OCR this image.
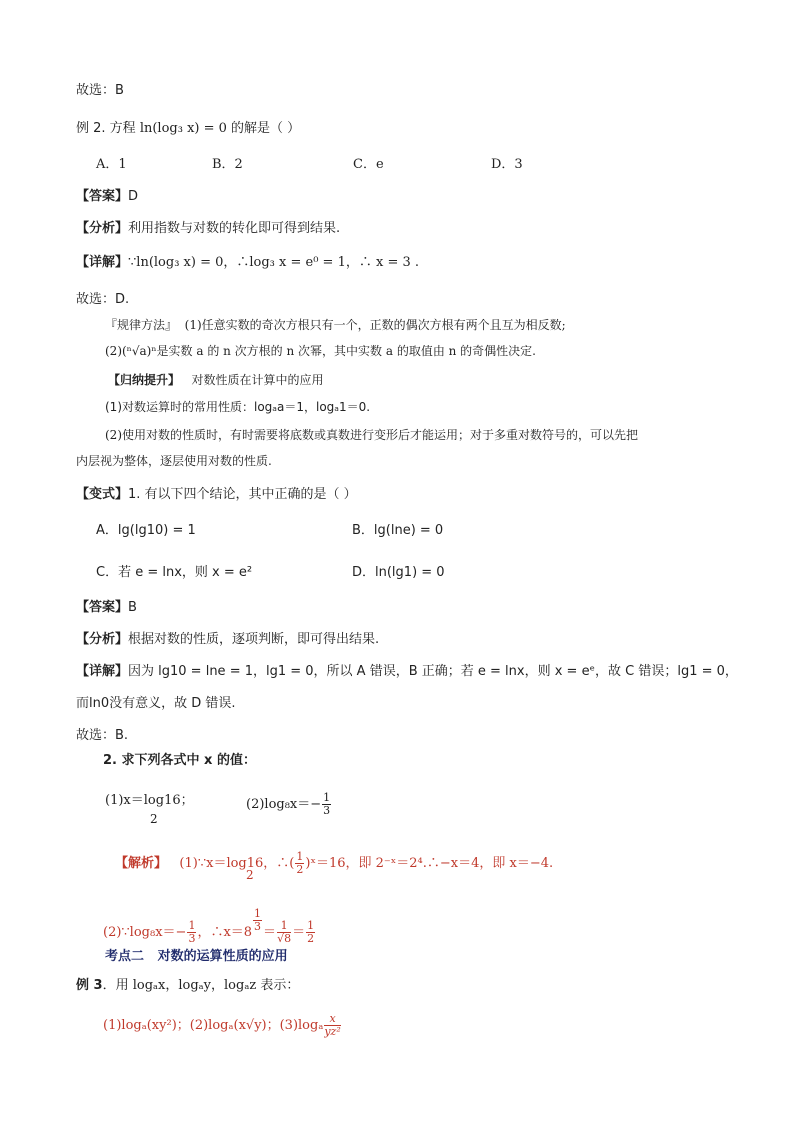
故选：B
例 2. 方程 ln(log₃ x) = 0 的解是（ ）
A．1	B．2	C．e	D．3
【答案】D
【分析】利用指数与对数的转化即可得到结果.
【详解】∵ln(log₃ x) = 0，∴log₃ x = e⁰ = 1，∴ x = 3 .
故选：D.
『规律方法』 (1)任意实数的奇次方根只有一个，正数的偶次方根有两个且互为相反数;
(2)(ⁿ√a)ⁿ是实数 a 的 n 次方根的 n 次幂，其中实数 a 的取值由 n 的奇偶性决定.
【归纳提升】 对数性质在计算中的应用
(1)对数运算时的常用性质：logₐa＝1，logₐ1＝0.
(2)使用对数的性质时，有时需要将底数或真数进行变形后才能运用；对于多重对数符号的，可以先把
内层视为整体，逐层使用对数的性质.
【变式】1. 有以下四个结论，其中正确的是（ ）
A．lg(lg10) = 1	B．lg(lne) = 0
C．若 e = lnx，则 x = e²	D．ln(lg1) = 0
【答案】B
【分析】根据对数的性质，逐项判断，即可得出结果.
【详解】因为 lg10 = lne = 1，lg1 = 0，所以 A 错误，B 正确；若 e = lnx，则 x = eᵉ，故 C 错误；lg1 = 0，
而ln0没有意义，故 D 错误.
故选：B.
2. 求下列各式中 x 的值：
(1)x＝log16；
2
$(2)\log_8x=- \frac{1}{3}$
【解析】 (1)∵x＝log16，∴( $\frac{1}{2}$ )ˣ＝16，即 2⁻ˣ＝2⁴.∴−x＝4，即 x＝−4.
2
(2)∵log₈x＝− $\frac{1}{3}$ ，∴x＝8 $\frac{1}{3} = \frac{1}{√8} = \frac{1}{2}$
考点二 对数的运算性质的应用
例 3．用 logₐx，logₐy，logₐz 表示：
(1)logₐ(xy²)；(2)logₐ(x√y)；$(3)\log_a \frac{x}{\text{yz²}}$
